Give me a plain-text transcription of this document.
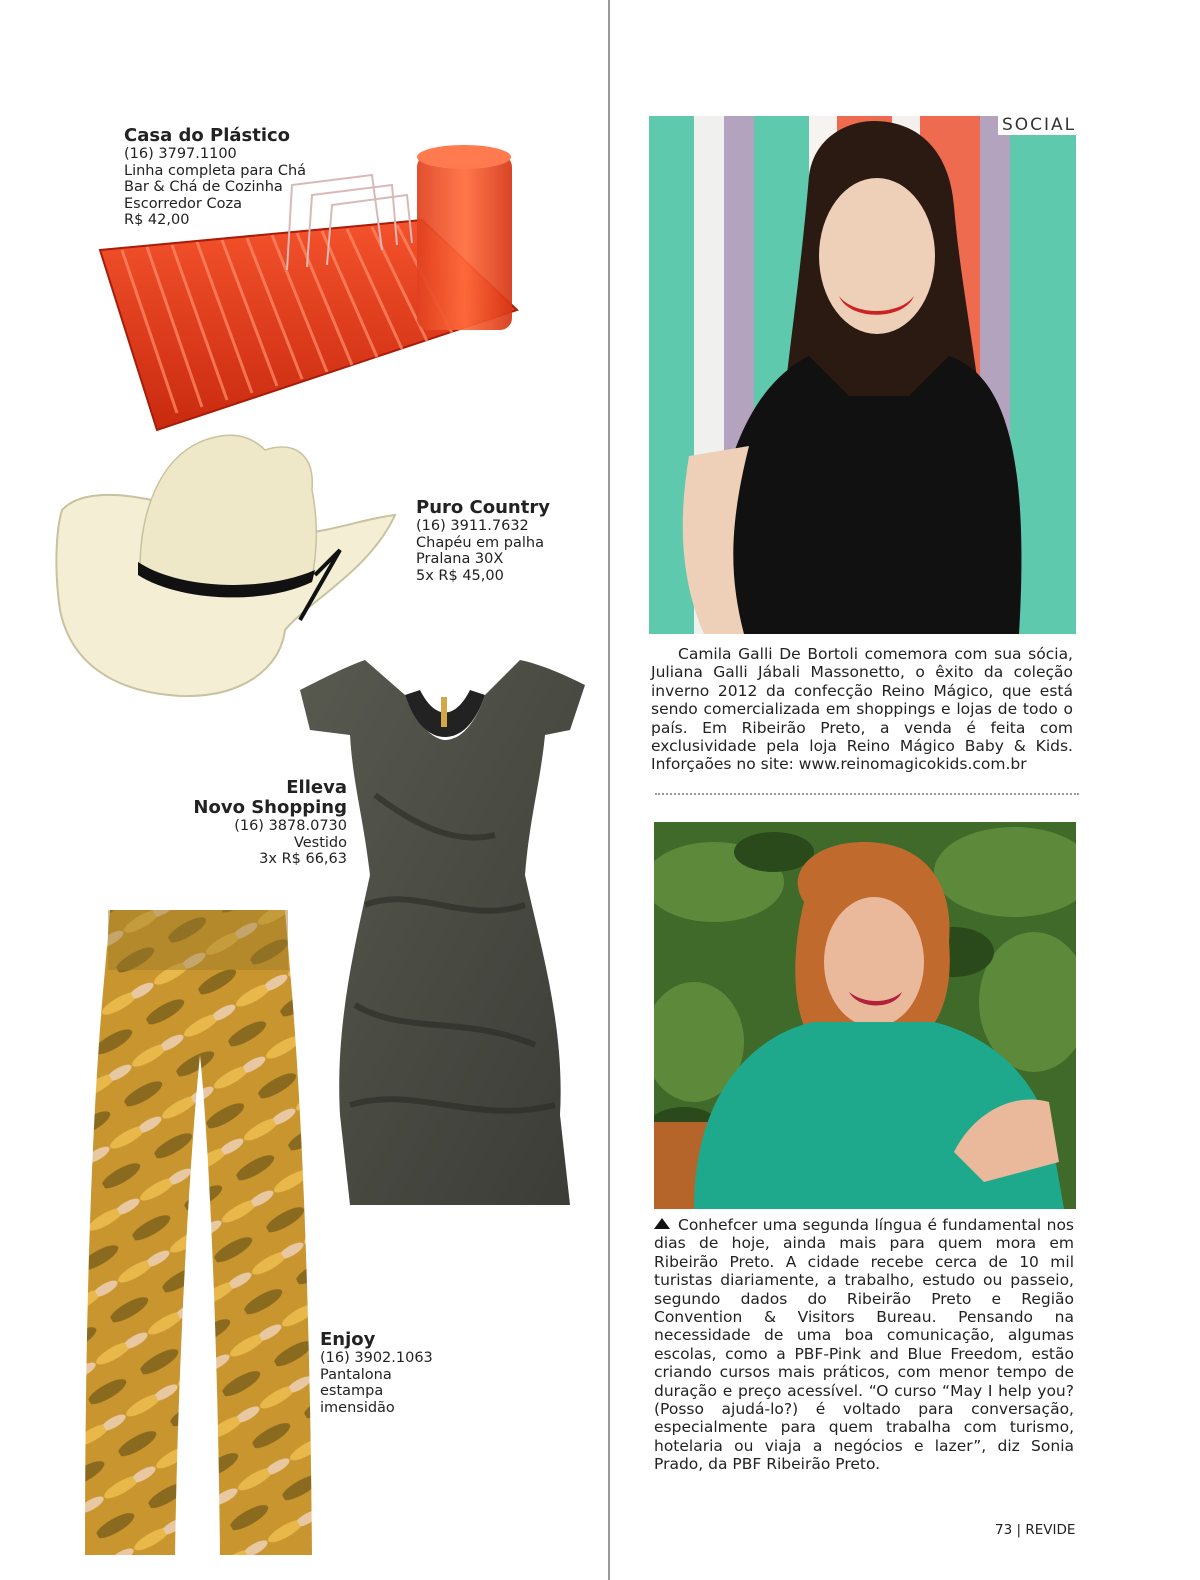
Casa do Plástico
(16) 3797.1100
Linha completa para Chá
Bar & Chá de Cozinha
Escorredor Coza
R$ 42,00
Puro Country
(16) 3911.7632
Chapéu em palha
Pralana 30X
5x R$ 45,00
Elleva
Novo Shopping
(16) 3878.0730
Vestido
3x R$ 66,63
Enjoy
(16) 3902.1063
Pantalona
estampa
imensidão
SOCIAL
Camila Galli De Bortoli comemora com sua sócia, Juliana Galli Jábali Massonetto, o êxito da coleção inverno 2012 da confecção Reino Mágico, que está sendo comercializada em shoppings e lojas de todo o país. Em Ribeirão Preto, a venda é feita com exclusividade pela loja Reino Mágico Baby & Kids. Inforçaões no site: www.reinomagicokids.com.br
Conhefcer uma segunda língua é fundamental nos dias de hoje, ainda mais para quem mora em Ribeirão Preto. A cidade recebe cerca de 10 mil turistas diariamente, a trabalho, estudo ou passeio, segundo dados do Ribeirão Preto e Região Convention & Visitors Bureau. Pensando na necessidade de uma boa comunicação, algumas escolas, como a PBF-Pink and Blue Freedom, estão criando cursos mais práticos, com menor tempo de duração e preço acessível. “O curso “May I help you? (Posso ajudá-lo?) é voltado para conversação, especialmente para quem trabalha com turismo, hotelaria ou viaja a negócios e lazer”, diz Sonia Prado, da PBF Ribeirão Preto.
73 | REVIDE
